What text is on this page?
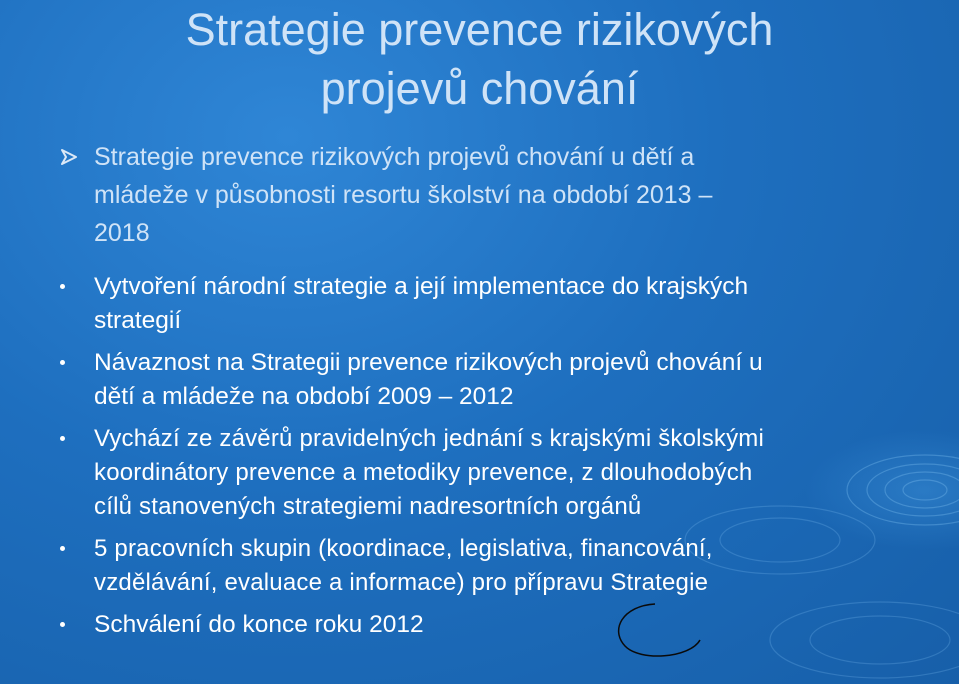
Strategie prevence rizikových
projevů chování
Strategie prevence rizikových projevů chování u dětí a
mládeže v působnosti resortu školství na období 2013 –
2018
Vytvoření národní strategie a její implementace do krajských
strategií
Návaznost na Strategii prevence rizikových projevů chování u
dětí a mládeže na období 2009 – 2012
Vychází ze závěrů pravidelných jednání s krajskými školskými
koordinátory prevence a metodiky prevence, z dlouhodobých
cílů stanovených strategiemi nadresortních orgánů
5 pracovních skupin (koordinace, legislativa, financování,
vzdělávání, evaluace a informace) pro přípravu Strategie
Schválení do konce roku 2012
